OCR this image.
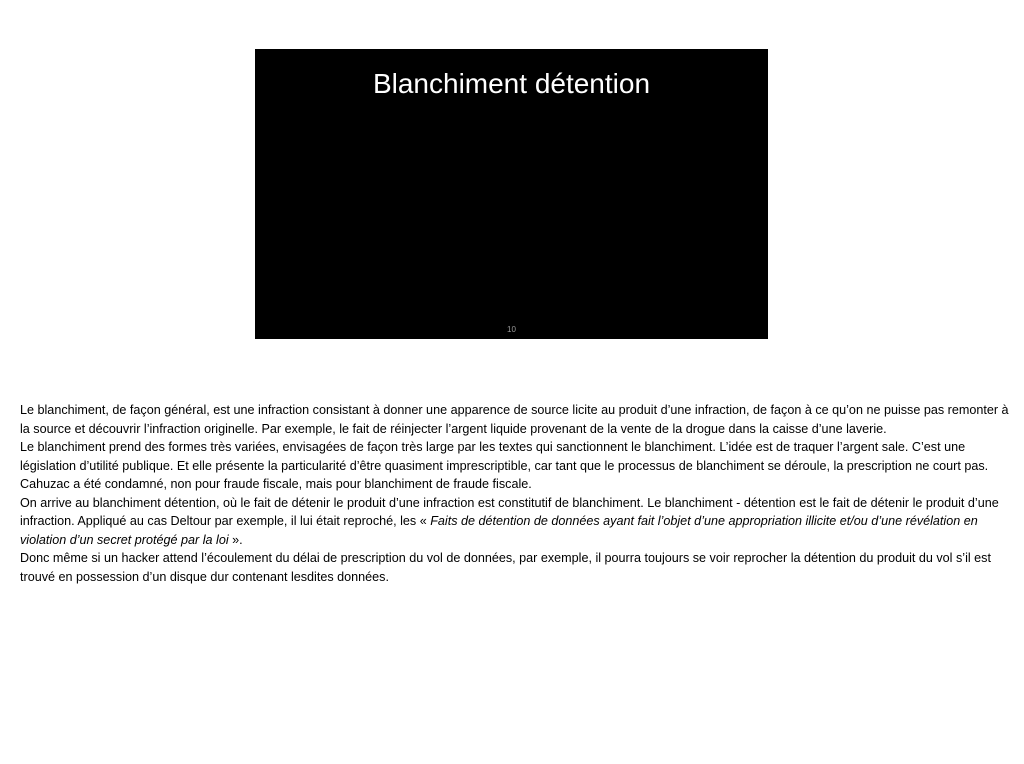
Blanchiment détention
10

Le blanchiment, de façon général, est une infraction consistant à donner une apparence de source licite au produit d’une infraction, de façon à ce qu’on ne puisse pas remonter à la source et découvrir l’infraction originelle. Par exemple, le fait de réinjecter l’argent liquide provenant de la vente de la drogue dans la caisse d’une laverie.

Le blanchiment prend des formes très variées, envisagées de façon très large par les textes qui sanctionnent le blanchiment. L’idée est de traquer l’argent sale. C’est une législation d’utilité publique. Et elle présente la particularité d’être quasiment imprescriptible, car tant que le processus de blanchiment se déroule, la prescription ne court pas. Cahuzac a été condamné, non pour fraude fiscale, mais pour blanchiment de fraude fiscale.

On arrive au blanchiment détention, où le fait de détenir le produit d’une infraction est constitutif de blanchiment. Le blanchiment - détention est le fait de détenir le produit d’une infraction. Appliqué au cas Deltour par exemple, il lui était reproché, les « Faits de détention de données ayant fait l’objet d’une appropriation illicite et/ou d’une révélation en violation d’un secret protégé par la loi ».

Donc même si un hacker attend l’écoulement du délai de prescription du vol de données, par exemple, il pourra toujours se voir reprocher la détention du produit du vol s’il est trouvé en possession d’un disque dur contenant lesdites données.
